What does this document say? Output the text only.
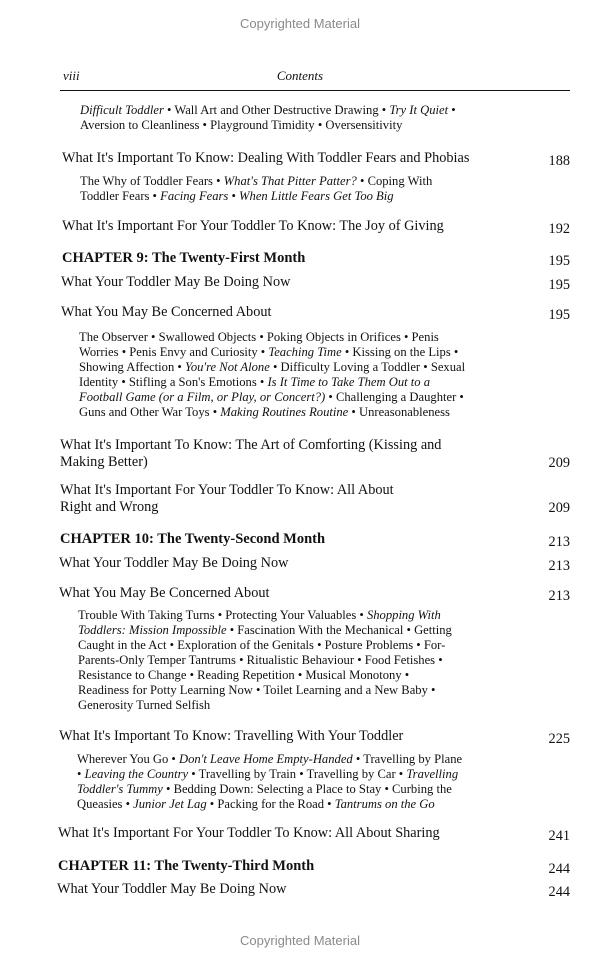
Copyrighted Material
viii	Contents
Difficult Toddler • Wall Art and Other Destructive Drawing • Try It Quiet •
Aversion to Cleanliness • Playground Timidity • Oversensitivity
What It's Important To Know: Dealing With Toddler Fears and Phobias	188
The Why of Toddler Fears • What's That Pitter Patter? • Coping With
Toddler Fears • Facing Fears • When Little Fears Get Too Big
What It's Important For Your Toddler To Know: The Joy of Giving	192
CHAPTER 9: The Twenty-First Month	195
What Your Toddler May Be Doing Now	195
What You May Be Concerned About	195
The Observer • Swallowed Objects • Poking Objects in Orifices • Penis
Worries • Penis Envy and Curiosity • Teaching Time • Kissing on the Lips •
Showing Affection • You're Not Alone • Difficulty Loving a Toddler • Sexual
Identity • Stifling a Son's Emotions • Is It Time to Take Them Out to a
Football Game (or a Film, or Play, or Concert?) • Challenging a Daughter •
Guns and Other War Toys • Making Routines Routine • Unreasonableness
What It's Important To Know: The Art of Comforting (Kissing and
Making Better)	209
What It's Important For Your Toddler To Know: All About
Right and Wrong	209
CHAPTER 10: The Twenty-Second Month	213
What Your Toddler May Be Doing Now	213
What You May Be Concerned About	213
Trouble With Taking Turns • Protecting Your Valuables • Shopping With
Toddlers: Mission Impossible • Fascination With the Mechanical • Getting
Caught in the Act • Exploration of the Genitals • Posture Problems • For-
Parents-Only Temper Tantrums • Ritualistic Behaviour • Food Fetishes •
Resistance to Change • Reading Repetition • Musical Monotony •
Readiness for Potty Learning Now • Toilet Learning and a New Baby •
Generosity Turned Selfish
What It's Important To Know: Travelling With Your Toddler	225
Wherever You Go • Don't Leave Home Empty-Handed • Travelling by Plane
• Leaving the Country • Travelling by Train • Travelling by Car • Travelling
Toddler's Tummy • Bedding Down: Selecting a Place to Stay • Curbing the
Queasies • Junior Jet Lag • Packing for the Road • Tantrums on the Go
What It's Important For Your Toddler To Know: All About Sharing	241
CHAPTER 11: The Twenty-Third Month	244
What Your Toddler May Be Doing Now	244
Copyrighted Material
